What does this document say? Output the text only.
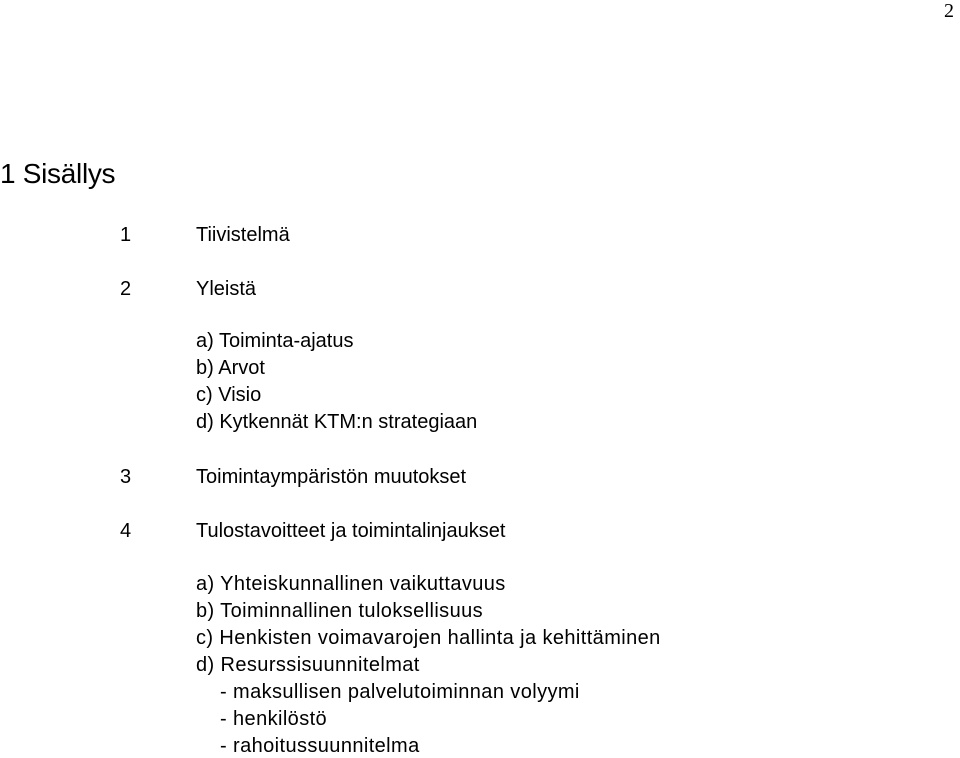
2
1 Sisällys
1	Tiivistelmä
2	Yleistä
a) Toiminta-ajatus
b) Arvot
c) Visio
d) Kytkennät KTM:n strategiaan
3	Toimintaympäristön muutokset
4	Tulostavoitteet ja toimintalinjaukset
a) Yhteiskunnallinen vaikuttavuus
b) Toiminnallinen tuloksellisuus
c) Henkisten voimavarojen hallinta ja kehittäminen
d) Resurssisuunnitelmat
- maksullisen palvelutoiminnan volyymi
- henkilöstö
- rahoitussuunnitelma
